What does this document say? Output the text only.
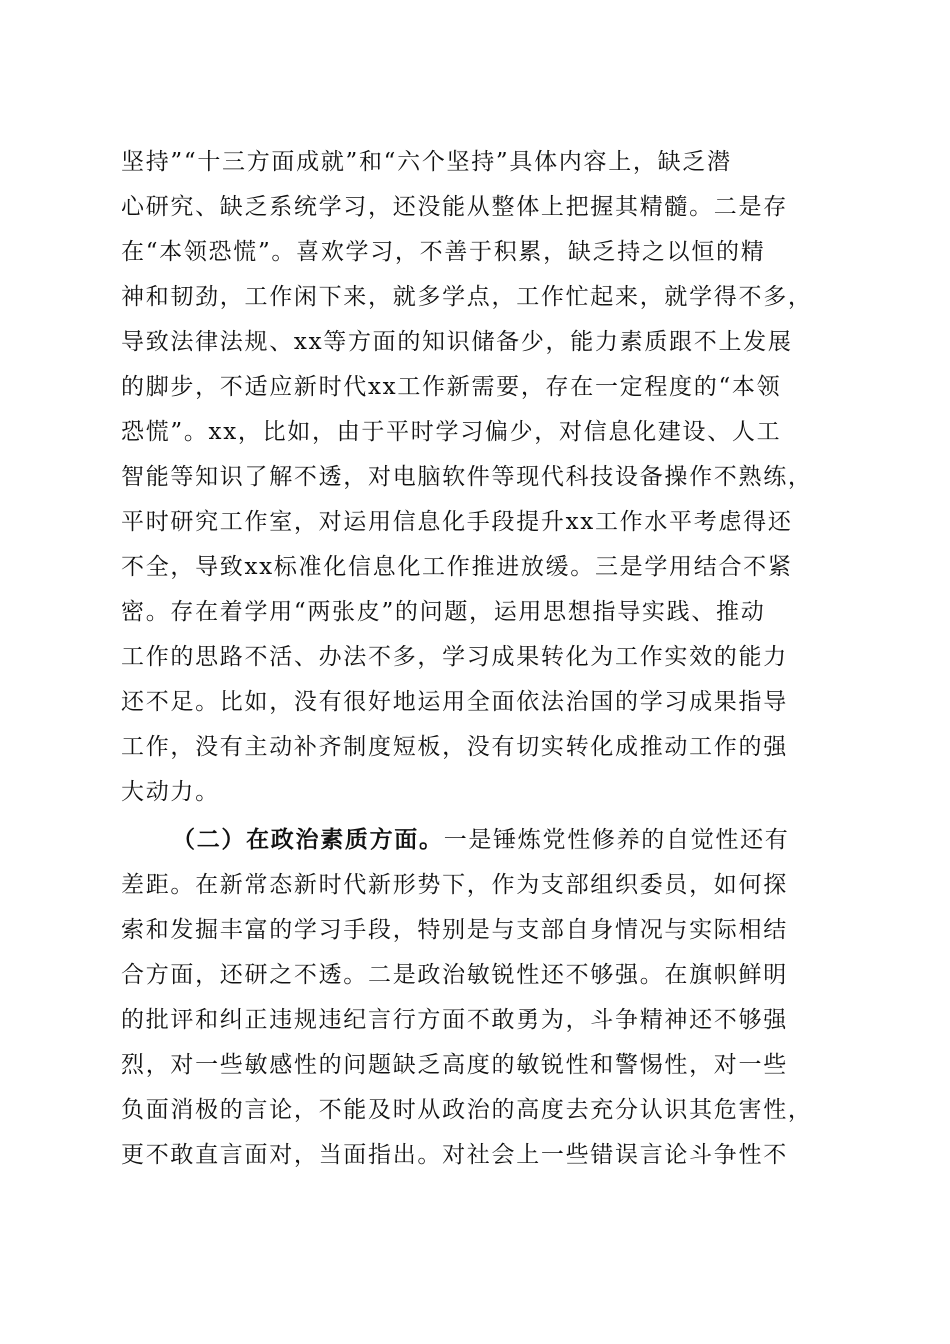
坚持”“十三方面成就”和“六个坚持”具体内容上，缺乏潜
心研究、缺乏系统学习，还没能从整体上把握其精髓。二是存
在“本领恐慌”。喜欢学习，不善于积累，缺乏持之以恒的精
神和韧劲，工作闲下来，就多学点，工作忙起来，就学得不多，
导致法律法规、xx等方面的知识储备少，能力素质跟不上发展
的脚步，不适应新时代xx工作新需要，存在一定程度的“本领
恐慌”。xx，比如，由于平时学习偏少，对信息化建设、人工
智能等知识了解不透，对电脑软件等现代科技设备操作不熟练，
平时研究工作室，对运用信息化手段提升xx工作水平考虑得还
不全，导致xx标准化信息化工作推进放缓。三是学用结合不紧
密。存在着学用“两张皮”的问题，运用思想指导实践、推动
工作的思路不活、办法不多，学习成果转化为工作实效的能力
还不足。比如，没有很好地运用全面依法治国的学习成果指导
工作，没有主动补齐制度短板，没有切实转化成推动工作的强
大动力。
（二）在政治素质方面。一是锤炼党性修养的自觉性还有
差距。在新常态新时代新形势下，作为支部组织委员，如何探
索和发掘丰富的学习手段，特别是与支部自身情况与实际相结
合方面，还研之不透。二是政治敏锐性还不够强。在旗帜鲜明
的批评和纠正违规违纪言行方面不敢勇为，斗争精神还不够强
烈，对一些敏感性的问题缺乏高度的敏锐性和警惕性，对一些
负面消极的言论，不能及时从政治的高度去充分认识其危害性，
更不敢直言面对，当面指出。对社会上一些错误言论斗争性不
